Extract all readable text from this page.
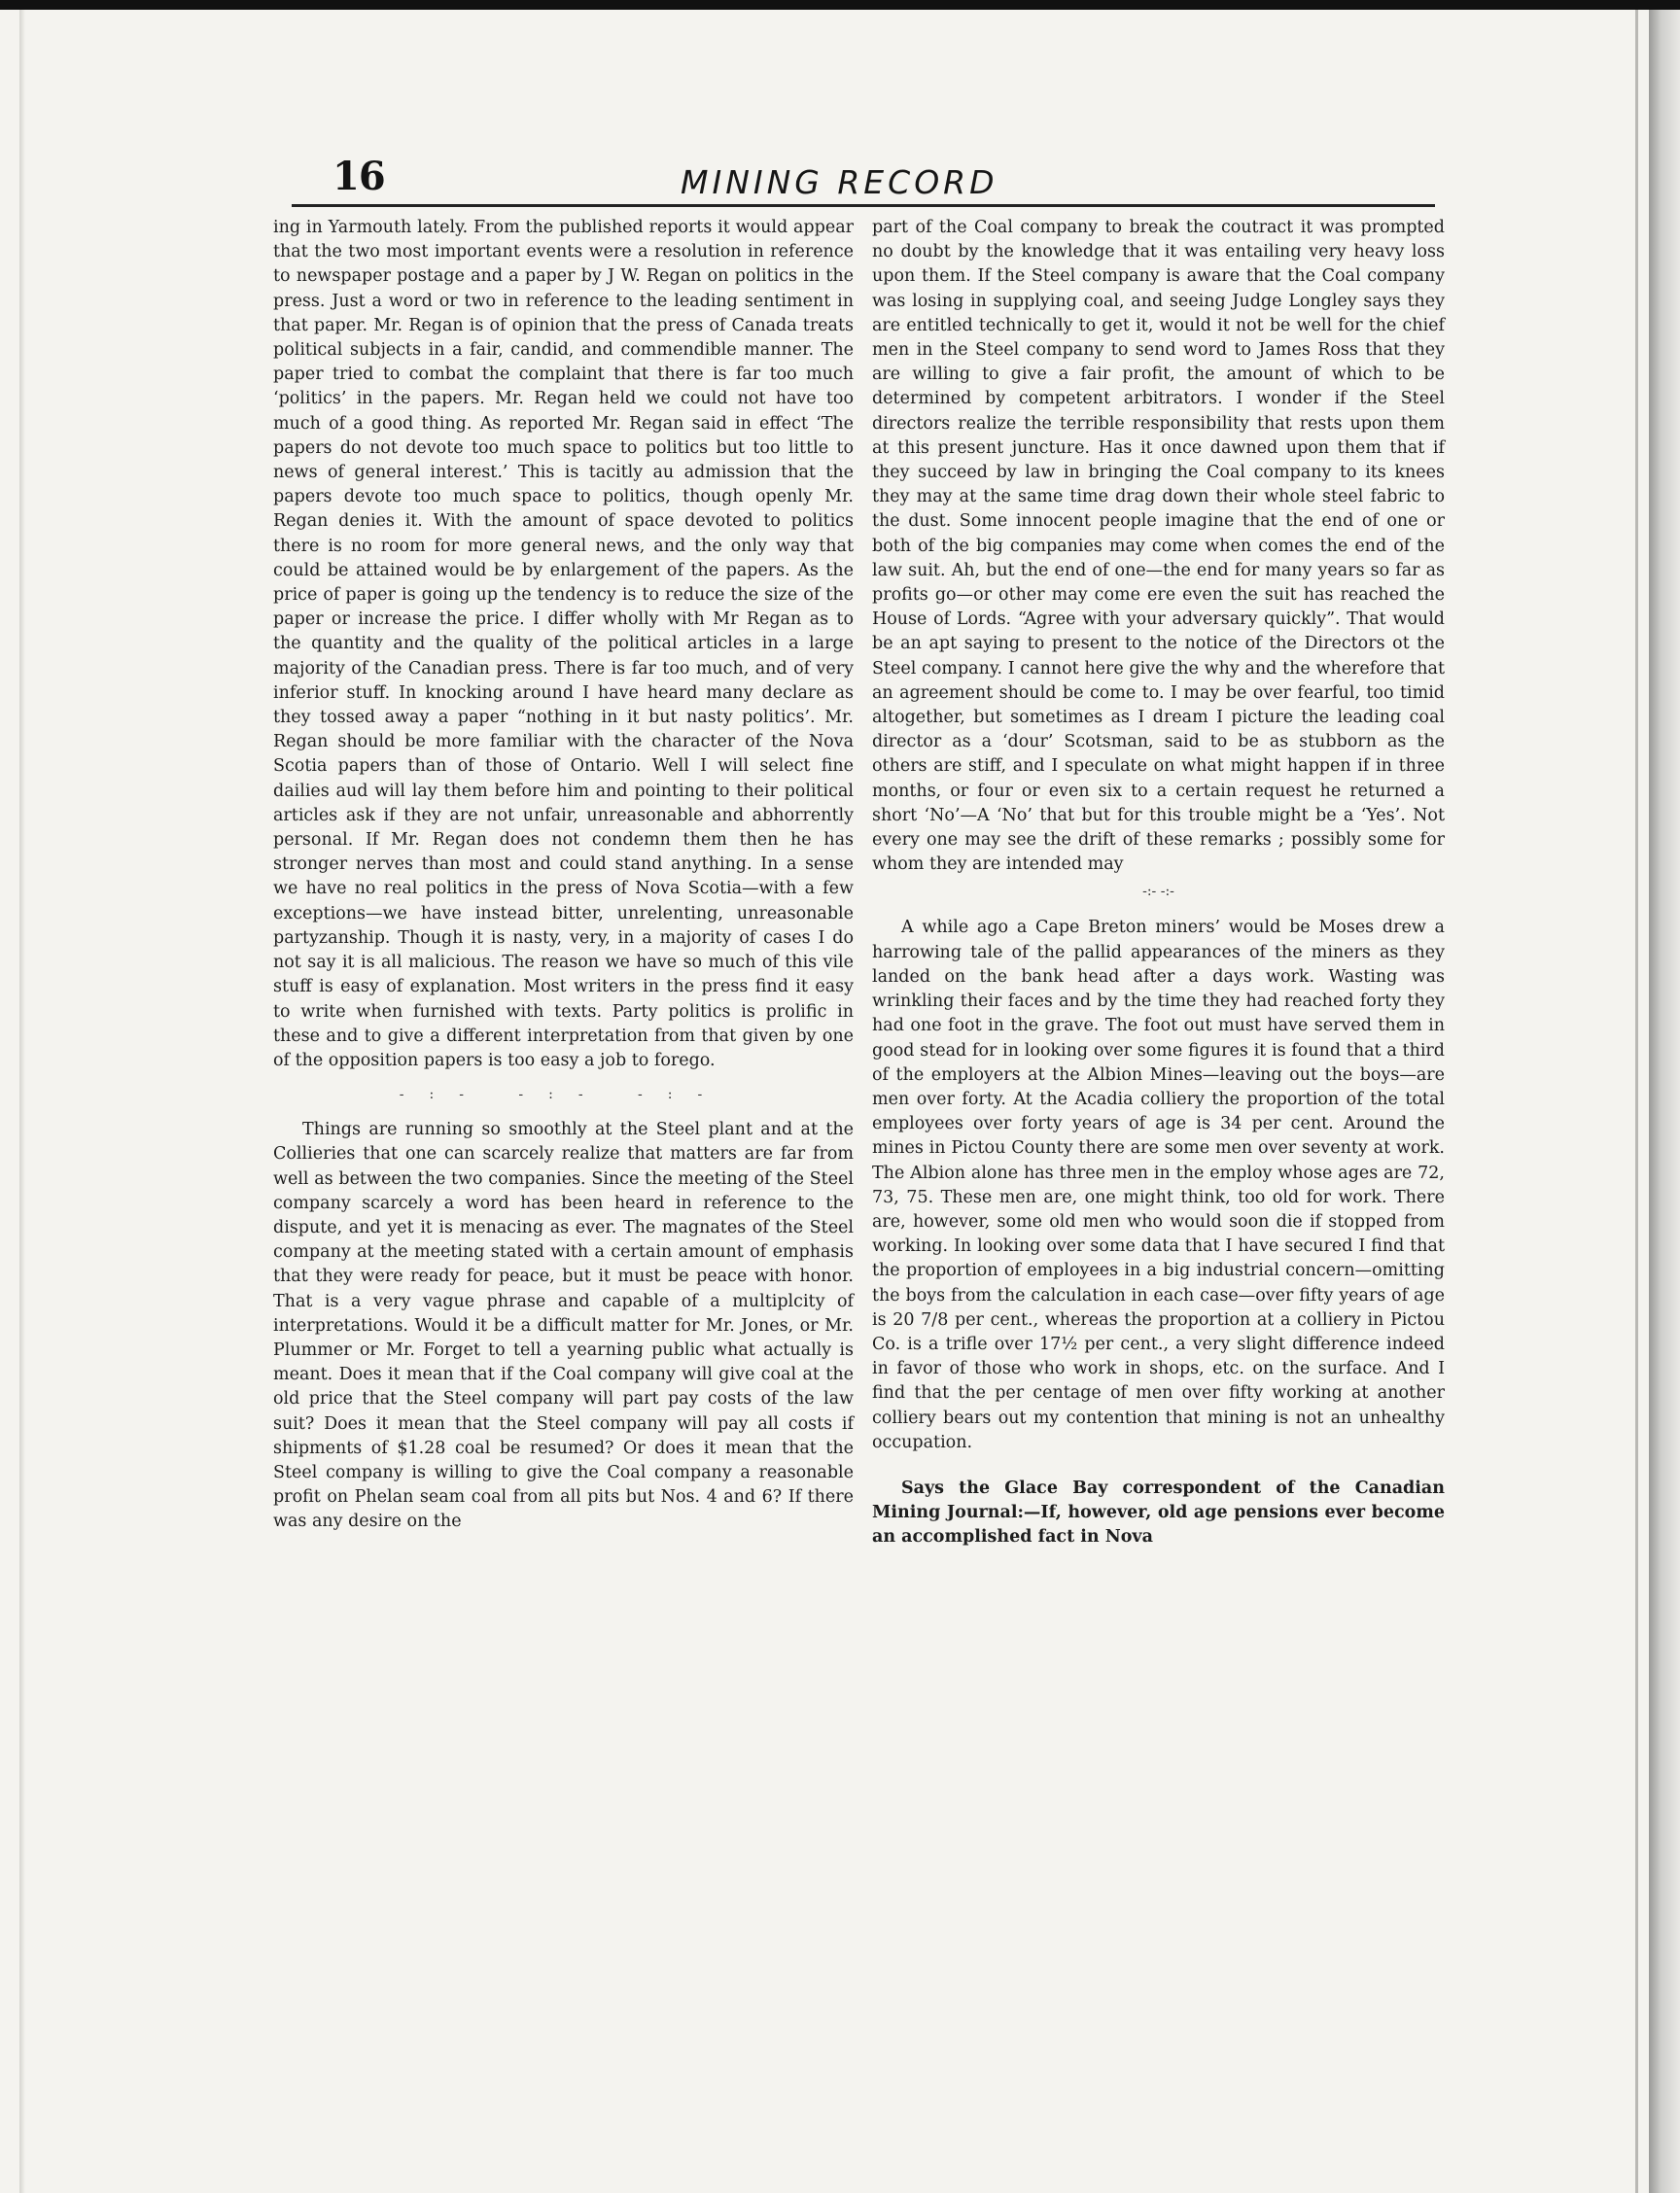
16	MINING RECORD

ing in Yarmouth lately. From the published reports it would appear that the two most important events were a resolution in reference to newspaper postage and a paper by J W. Regan on politics in the press. Just a word or two in reference to the leading sentiment in that paper. Mr. Regan is of opinion that the press of Canada treats political subjects in a fair, candid, and commendible manner. The paper tried to combat the complaint that there is far too much ‘politics’ in the papers. Mr. Regan held we could not have too much of a good thing. As reported Mr. Regan said in effect ‘The papers do not devote too much space to politics but too little to news of general interest.’ This is tacitly au admission that the papers devote too much space to politics, though openly Mr. Regan denies it. With the amount of space devoted to politics there is no room for more general news, and the only way that could be attained would be by enlargement of the papers. As the price of paper is going up the tendency is to reduce the size of the paper or increase the price. I differ wholly with Mr Regan as to the quantity and the quality of the political articles in a large majority of the Canadian press. There is far too much, and of very inferior stuff. In knocking around I have heard many declare as they tossed away a paper “nothing in it but nasty politics’. Mr. Regan should be more familiar with the character of the Nova Scotia papers than of those of Ontario. Well I will select fine dailies aud will lay them before him and pointing to their political articles ask if they are not unfair, unreasonable and abhorrently personal. If Mr. Regan does not condemn them then he has stronger nerves than most and could stand anything. In a sense we have no real politics in the press of Nova Scotia—with a few exceptions—we have instead bitter, unrelenting, unreasonable partyzanship. Though it is nasty, very, in a majority of cases I do not say it is all malicious. The reason we have so much of this vile stuff is easy of explanation. Most writers in the press find it easy to write when furnished with texts. Party politics is prolific in these and to give a different interpretation from that given by one of the opposition papers is too easy a job to forego.

-:- -:- -:-

Things are running so smoothly at the Steel plant and at the Collieries that one can scarcely realize that matters are far from well as between the two companies. Since the meeting of the Steel company scarcely a word has been heard in reference to the dispute, and yet it is menacing as ever. The magnates of the Steel company at the meeting stated with a certain amount of emphasis that they were ready for peace, but it must be peace with honor. That is a very vague phrase and capable of a multiplcity of interpretations. Would it be a difficult matter for Mr. Jones, or Mr. Plummer or Mr. Forget to tell a yearning public what actually is meant. Does it mean that if the Coal company will give coal at the old price that the Steel company will part pay costs of the law suit? Does it mean that the Steel company will pay all costs if shipments of $1.28 coal be resumed? Or does it mean that the Steel company is willing to give the Coal company a reasonable profit on Phelan seam coal from all pits but Nos. 4 and 6? If there was any desire on the

part of the Coal company to break the coutract it was prompted no doubt by the knowledge that it was entailing very heavy loss upon them. If the Steel company is aware that the Coal company was losing in supplying coal, and seeing Judge Longley says they are entitled technically to get it, would it not be well for the chief men in the Steel company to send word to James Ross that they are willing to give a fair profit, the amount of which to be determined by competent arbitrators. I wonder if the Steel directors realize the terrible responsibility that rests upon them at this present juncture. Has it once dawned upon them that if they succeed by law in bringing the Coal company to its knees they may at the same time drag down their whole steel fabric to the dust. Some innocent people imagine that the end of one or both of the big companies may come when comes the end of the law suit. Ah, but the end of one—the end for many years so far as profits go—or other may come ere even the suit has reached the House of Lords. “Agree with your adversary quickly”. That would be an apt saying to present to the notice of the Directors ot the Steel company. I cannot here give the why and the wherefore that an agreement should be come to. I may be over fearful, too timid altogether, but sometimes as I dream I picture the leading coal director as a ‘dour’ Scotsman, said to be as stubborn as the others are stiff, and I speculate on what might happen if in three months, or four or even six to a certain request he returned a short ‘No’—A ‘No’ that but for this trouble might be a ‘Yes’. Not every one may see the drift of these remarks ; possibly some for whom they are intended may

-:- -:-

A while ago a Cape Breton miners’ would be Moses drew a harrowing tale of the pallid appearances of the miners as they landed on the bank head after a days work. Wasting was wrinkling their faces and by the time they had reached forty they had one foot in the grave. The foot out must have served them in good stead for in looking over some figures it is found that a third of the employers at the Albion Mines—leaving out the boys—are men over forty. At the Acadia colliery the proportion of the total employees over forty years of age is 34 per cent. Around the mines in Pictou County there are some men over seventy at work. The Albion alone has three men in the employ whose ages are 72, 73, 75. These men are, one might think, too old for work. There are, however, some old men who would soon die if stopped from working. In looking over some data that I have secured I find that the proportion of employees in a big industrial concern—omitting the boys from the calculation in each case—over fifty years of age is 20 7/8 per cent., whereas the proportion at a colliery in Pictou Co. is a trifle over 17½ per cent., a very slight difference indeed in favor of those who work in shops, etc. on the surface. And I find that the per centage of men over fifty working at another colliery bears out my contention that mining is not an unhealthy occupation.

Says the Glace Bay correspondent of the Canadian Mining Journal:—If, however, old age pensions ever become an accomplished fact in Nova
